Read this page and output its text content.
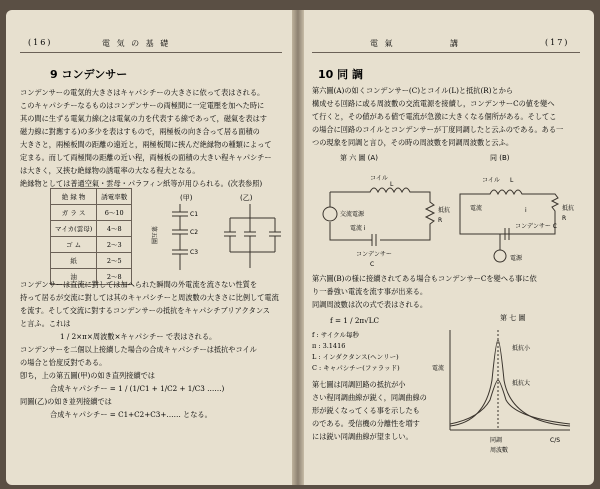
(16)	電 気 の 基 礎
9 コンデンサー

コンデンサーの電気的大きさはキャパシチーの大きさに依って表はされる。

このキャパシチーなるものはコンデンサーの両極間に一定電壓を加へた時に

其の間に生ずる電氣力線(之は電氣の力を代表する線であって，磁氣を表はす

磁力線に對應する)の多少を表はすもので，兩極板の向き合って居る面積の

大きさと，兩極板間の距離の遠近と，兩極板間に挾んだ絶縁物の種類によって

定まる。而して両極間の距離の近い程，両極板の面積の大きい程キャパシチー

は大きく，又挾む絶縁物の誘電率の大なる程大となる。

絶縁物としては普通空氣・雲母・パラフィン紙等が用ひられる。(次表参照)

絶 縁 物	誘電率數
ガ ラ ス	6〜10
マイカ(雲母)	4〜8
ゴ ム	2〜3
紙	2〜5
油	2〜8
(甲)	(乙)
第五圖
C1
C2
C3

コンデンサーは直流に對しては加へられた瞬間の外電流を流さない性質を

持って居るが交流に對しては其のキャパシチーと周波數の大きさに比例して電流

を流す。そして交流に對するコンデンサーの抵抗をキャパシチブリアクタンス

と言ふ。これは

1 / 2×π×周波數×キャパシチー で表はされる。

コンデンサーを二個以上接續した場合の合成キャパシチーは抵抗やコイル

の場合と恰度反對である。

卽ち，上の第五圖(甲)の如き直列接續では

合成キャパシチー = 1 / (1/C1 + 1/C2 + 1/C3 ……)

同圖(乙)の如き並列接續では

合成キャパシチー = C1+C2+C3+…… となる。

電 氣	講	(17)
10 同 調

第六圖(A)の如くコンデンサー(C)とコイル(L)と抵抗(R)とから

構成せる回路に或る周波數の交流電源を接續し，コンデンサーCの値を變へ

て行くと，その値がある値で電流が急激に大きくなる個所がある。そしてこ

の場合に回路のコイルとコンデンサーが丁度同調したと云ふのである。ある一

つの現象を同調と言ひ，その時の周波數を同調周波數と云ふ。

第 六 圖 (A)	同 (B)
コイル
L
抵抗
R
交流電源
電流 i
コンデンサー
C
コイル L
抵抗
R
電流	i
コンデンサー C
電源

第六圖(B)の様に接續されてある場合もコンデンサーCを變へる事に依

り一番強い電流を流す事が出来る。

同調周波數は次の式で表はされる。

f = 1 / 2π√LC

f : サイクル毎秒

π : 3.1416

L : インダクタンス(ヘンリー)

C : キャパシチー(ファラッド)

第七圖は同調回路の抵抗が小

さい程同調曲線が鋭く，同調曲線の

形が鋭くなってくる事を示したも

のである。受信機の分離性を増す

には鋭い同調曲線が望ましい。

第 七 圖
電流
同調
周波數
C/S
抵抗小
抵抗大
